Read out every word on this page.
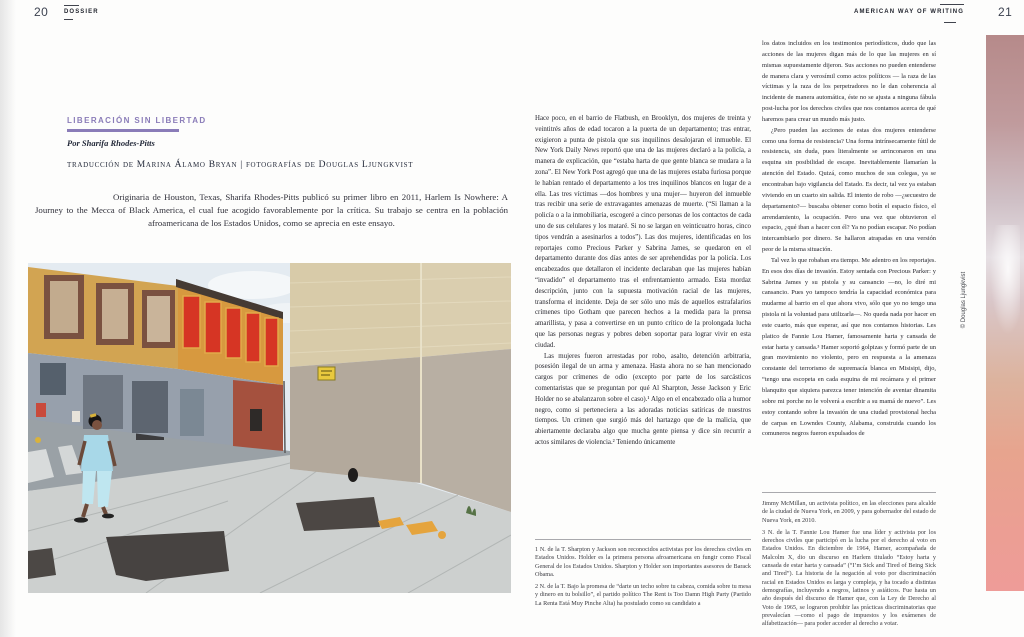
20	DOSSIER	AMERICAN WAY OF WRITING	21
LIBERACIÓN SIN LIBERTAD
Por Sharifa Rhodes-Pitts
traducción de Marina Álamo Bryan | fotografías de Douglas Ljungkvist

Originaria de Houston, Texas, Sharifa Rhodes-Pitts publicó su primer libro en 2011, Harlem Is Nowhere: A Journey to the Mecca of Black America, el cual fue acogido favorablemente por la crítica. Su trabajo se centra en la población afroamericana de los Estados Unidos, como se aprecia en este ensayo.

Hace poco, en el barrio de Flatbush, en Brooklyn, dos mujeres de treinta y veintitrés años de edad tocaron a la puerta de un departamento; tras entrar, exigieron a punta de pistola que sus inquilinos desalojaran el inmueble. El New York Daily News reportó que una de las mujeres declaró a la policía, a manera de explicación, que “estaba harta de que gente blanca se mudara a la zona”. El New York Post agregó que una de las mujeres estaba furiosa porque le habían rentado el departamento a los tres inquilinos blancos en lugar de a ella. Las tres víctimas —dos hombres y una mujer— huyeron del inmueble tras recibir una serie de extravagantes amenazas de muerte. (“Si llaman a la policía o a la inmobiliaria, escogeré a cinco personas de los contactos de cada uno de sus celulares y los mataré. Si no se largan en veinticuatro horas, cinco tipos vendrán a asesinarlos a todos”). Las dos mujeres, identificadas en los reportajes como Precious Parker y Sabrina James, se quedaron en el departamento durante dos días antes de ser aprehendidas por la policía. Los encabezados que detallaron el incidente declaraban que las mujeres habían “invadido” el departamento tras el enfrentamiento armado. Esta mordaz descripción, junto con la supuesta motivación racial de las mujeres, transforma el incidente. Deja de ser sólo uno más de aquellos estrafalarios crímenes tipo Gotham que parecen hechos a la medida para la prensa amarillista, y pasa a convertirse en un punto crítico de la prolongada lucha que las personas negras y pobres deben soportar para lograr vivir en esta ciudad.

Las mujeres fueron arrestadas por robo, asalto, detención arbitraria, posesión ilegal de un arma y amenaza. Hasta ahora no se han mencionado cargos por crímenes de odio (excepto por parte de los sarcásticos comentaristas que se preguntan por qué Al Sharpton, Jesse Jackson y Eric Holder no se abalanzaron sobre el caso).¹ Algo en el encabezado olía a humor negro, como si perteneciera a las adoradas noticias satíricas de nuestros tiempos. Un crimen que surgió más del hartazgo que de la malicia, que abiertamente declaraba algo que mucha gente piensa y dice sin recurrir a actos similares de violencia.² Teniendo únicamente

1 N. de la T. Sharpton y Jackson son reconocidos activistas por los derechos civiles en Estados Unidos. Holder es la primera persona afroamericana en fungir como Fiscal General de los Estados Unidos. Sharpton y Holder son importantes asesores de Barack Obama.

2 N. de la T. Bajo la promesa de “darte un techo sobre tu cabeza, comida sobre tu mesa y dinero en tu bolsillo”, el partido político The Rent is Too Damn High Party (Partido La Renta Está Muy Pinche Alta) ha postulado como su candidato a

los datos incluidos en los testimonios periodísticos, dudo que las acciones de las mujeres digan más de lo que las mujeres en sí mismas supuestamente dijeron. Sus acciones no pueden entenderse de manera clara y verosímil como actos políticos — la raza de las víctimas y la raza de los perpetradores no le dan coherencia al incidente de manera automática, éste no se ajusta a ninguna fábula post-lucha por los derechos civiles que nos contamos acerca de qué haremos para crear un mundo más justo.

¿Pero pueden las acciones de estas dos mujeres entenderse como una forma de resistencia? Una forma intrínsecamente fútil de resistencia, sin duda, pues literalmente se arrinconaron en una esquina sin posibilidad de escape. Inevitablemente llamarían la atención del Estado. Quizá, como muchos de sus colegas, ya se encontraban bajo vigilancia del Estado. Es decir, tal vez ya estaban viviendo en un cuarto sin salida. El intento de robo —¿secuestro de departamento?— buscaba obtener como botín el espacio físico, el arrendamiento, la ocupación. Pero una vez que obtuvieron el espacio, ¿qué iban a hacer con él? Ya no podían escapar. No podían intercambiarlo por dinero. Se hallaron atrapadas en una versión peor de la misma situación.

Tal vez lo que robaban era tiempo. Me adentro en los reportajes. En esos dos días de invasión. Estoy sentada con Precious Parker: y Sabrina James y su pistola y su cansancio —no, lo diré mi cansancio. Pues yo tampoco tendría la capacidad económica para mudarme al barrio en el que ahora vivo, sólo que yo no tengo una pistola ni la voluntad para utilizarla—. No queda nada por hacer en este cuarto, más que esperar, así que nos contamos historias. Les platico de Fannie Lou Hamer, famosamente harta y cansada de estar harta y cansada.³ Hamer soportó golpizas y formó parte de un gran movimiento no violento, pero en respuesta a la amenaza constante del terrorismo de supremacía blanca en Misisipi, dijo, “tengo una escopeta en cada esquina de mi recámara y el primer blanquito que siquiera parezca tener intención de aventar dinamita sobre mi porche no le volverá a escribir a su mamá de nuevo”. Les estoy contando sobre la invasión de una ciudad provisional hecha de carpas en Lowndes County, Alabama, construida cuando los comuneros negros fueron expulsados de

Jimmy McMillan, un activista político, en las elecciones para alcalde de la ciudad de Nueva York, en 2009, y para gobernador del estado de Nueva York, en 2010.

3 N. de la T. Fannie Lou Hamer fue una líder y activista por los derechos civiles que participó en la lucha por el derecho al voto en Estados Unidos. En diciembre de 1964, Hamer, acompañada de Malcolm X, dio un discurso en Harlem titulado “Estoy harta y cansada de estar harta y cansada” (“I’m Sick and Tired of Being Sick and Tired”). La historia de la negación al voto por discriminación racial en Estados Unidos es larga y compleja, y ha tocado a distintas demografías, incluyendo a negros, latinos y asiáticos. Fue hasta un año después del discurso de Hamer que, con la Ley de Derecho al Voto de 1965, se lograron prohibir las prácticas discriminatorias que prevalecían —como el pago de impuestos y los exámenes de alfabetización— para poder acceder al derecho a votar.

© Douglas Ljungkvist
